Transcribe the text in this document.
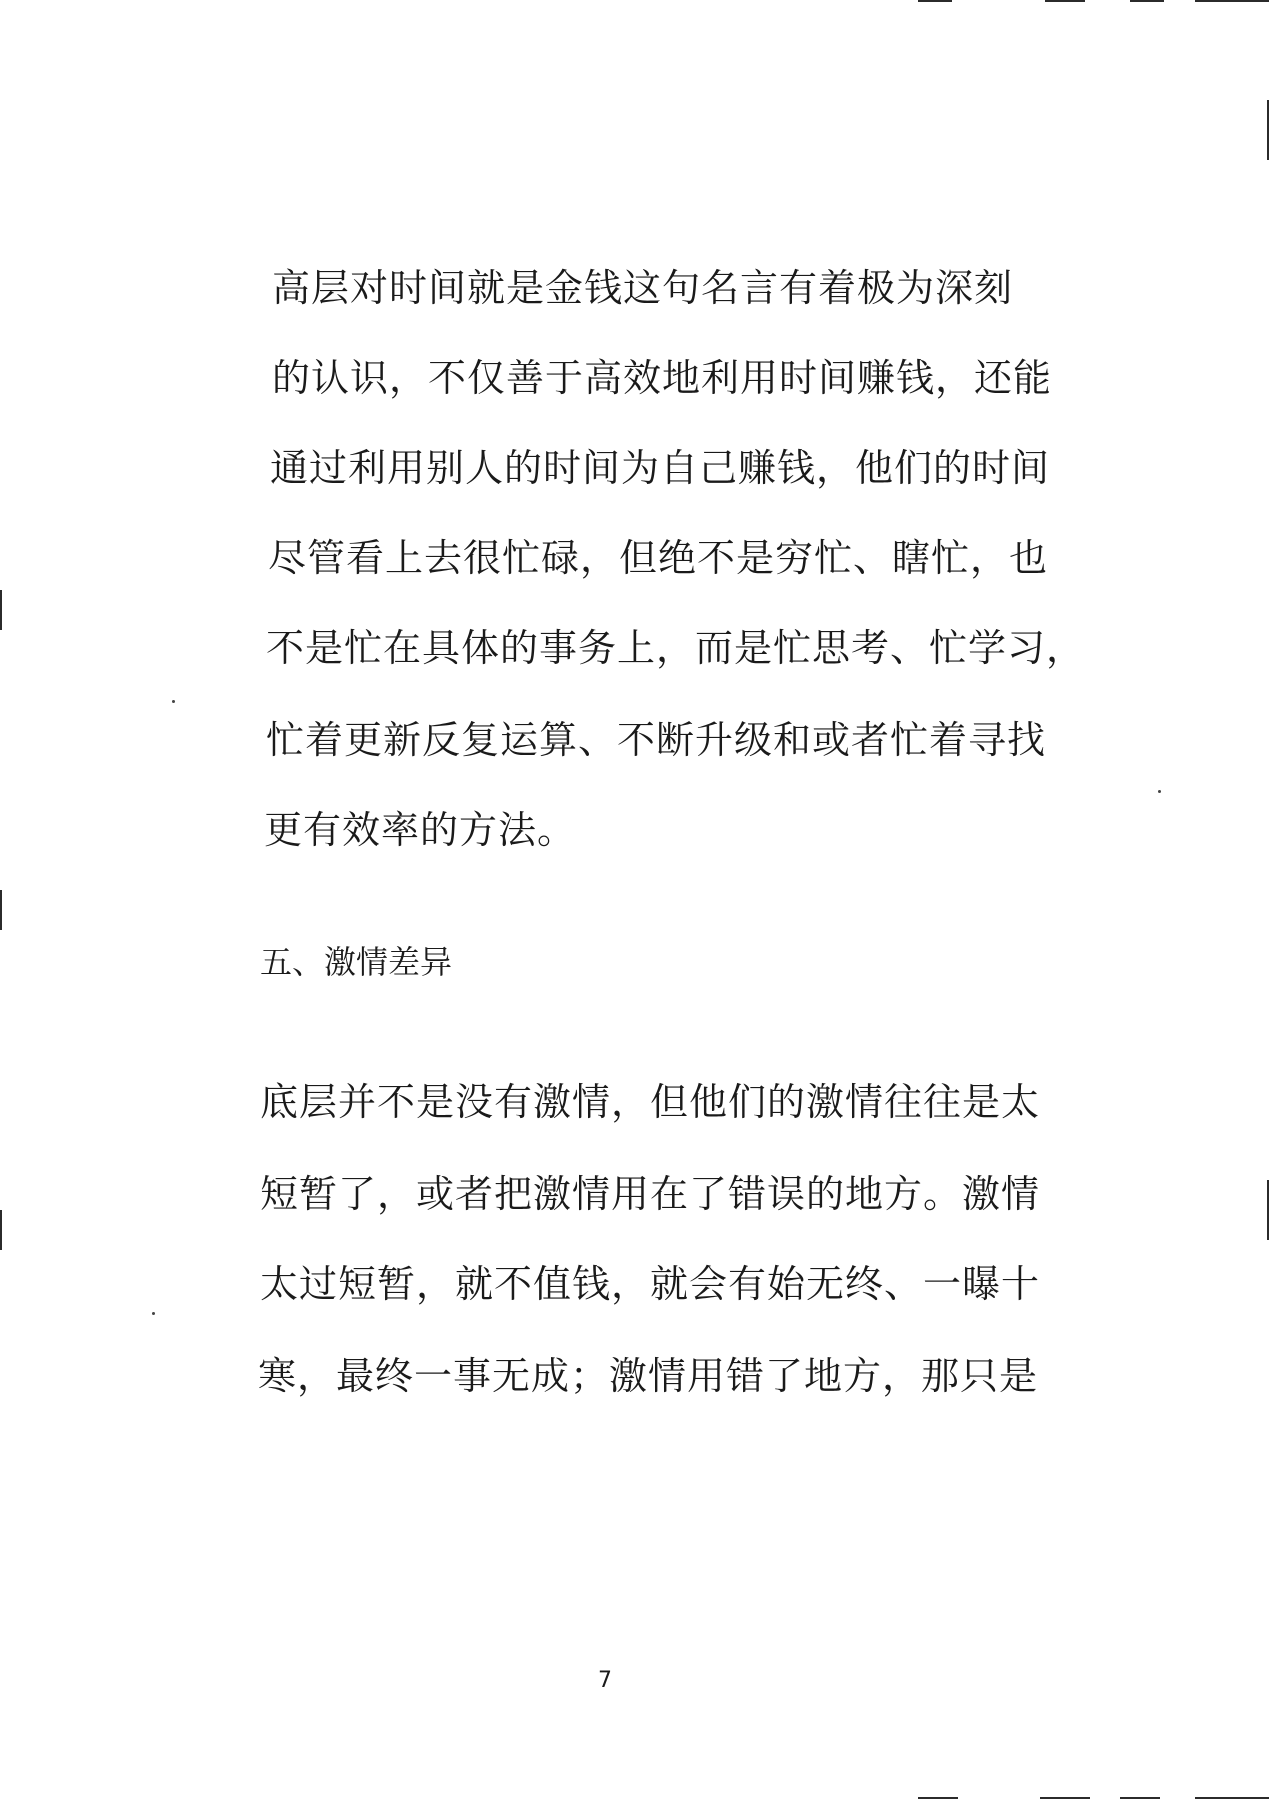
高层对时间就是金钱这句名言有着极为深刻
的认识，不仅善于高效地利用时间赚钱，还能
通过利用别人的时间为自己赚钱，他们的时间
尽管看上去很忙碌，但绝不是穷忙、瞎忙，也
不是忙在具体的事务上，而是忙思考、忙学习，
忙着更新反复运算、不断升级和或者忙着寻找
更有效率的方法。
五、激情差异
底层并不是没有激情，但他们的激情往往是太
短暂了，或者把激情用在了错误的地方。激情
太过短暂，就不值钱，就会有始无终、一曝十
寒，最终一事无成；激情用错了地方，那只是
7
